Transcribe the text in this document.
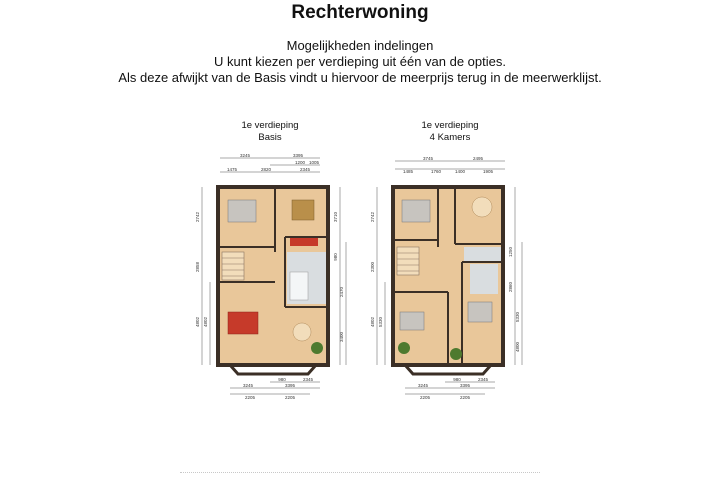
Rechterwoning
Mogelijkheden indelingen
U kunt kiezen per verdieping uit één van de opties.
Als deze afwijkt van de Basis vindt u hiervoor de meerprijs terug in de meerwerklijst.
1e verdieping
Basis
1e verdieping
4 Kamers
3245	3395
1200 1005
1475	2820	2345
2742
2858
4802 4802
3710
980
2470
3400
980	2345
3245	3395
2205	2205
3745	2495
1485	1760	1400	1905
2742
2300
4802 5330
1250
2860
5330
4800
980	2345
3245	3395
2205	2205
